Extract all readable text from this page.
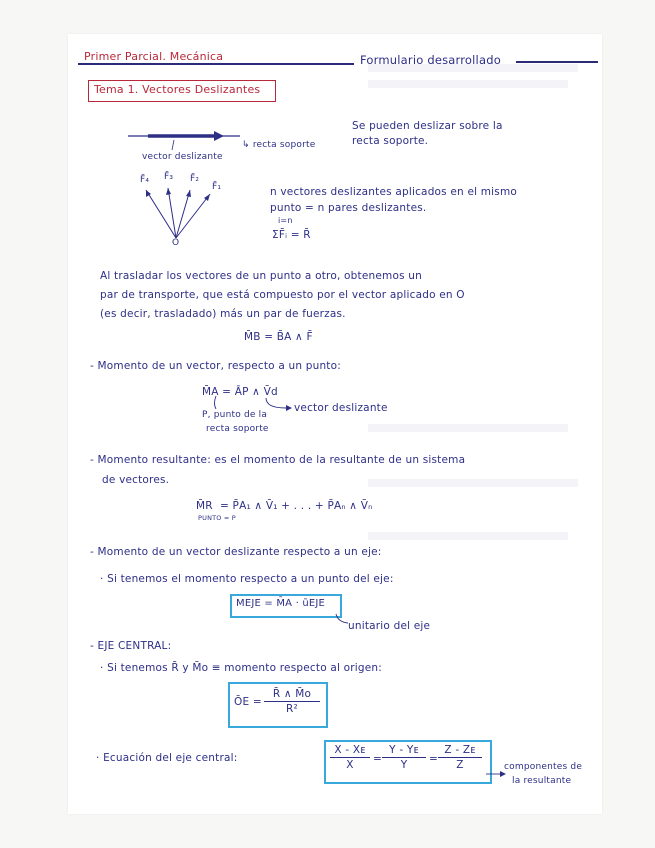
Primer Parcial. Mecánica	Formulario desarrollado
Tema 1. Vectores Deslizantes
↳ recta soporte
vector deslizante
Se pueden deslizar sobre la
recta soporte.
F̄₄ F̄₃ F̄₂
F̄₁
O
n vectores deslizantes aplicados en el mismo
punto = n pares deslizantes.
i=n
ΣF̄ᵢ = R̄
Al trasladar los vectores de un punto a otro, obtenemos un
par de transporte, que está compuesto por el vector aplicado en O
(es decir, trasladado) más un par de fuerzas.
M̄B = B̄A ∧ F̄
- Momento de un vector, respecto a un punto:
M̄A = ĀP ∧ V̄d
vector deslizante
P, punto de la
recta soporte
- Momento resultante: es el momento de la resultante de un sistema
de vectores.
M̄R = P̄A₁ ∧ V̄₁ + . . . + P̄Aₙ ∧ V̄ₙ
PUNTO = P
- Momento de un vector deslizante respecto a un eje:
· Si tenemos el momento respecto a un punto del eje:
MEJE = M̄A · ūEJE
unitario del eje
- EJE CENTRAL:
· Si tenemos R̄ y M̄o ≡ momento respecto al origen:
ŌE = $\frac{R̄ \wedge M̄o}{\text{R²}}$
· Ecuación del eje central:	$\frac{\text{X - Xᴇ}}{X} = \frac{\text{Y - Yᴇ}}{Y} = \frac{\text{Z - Zᴇ}}{Z}$ componentes de
la resultante
